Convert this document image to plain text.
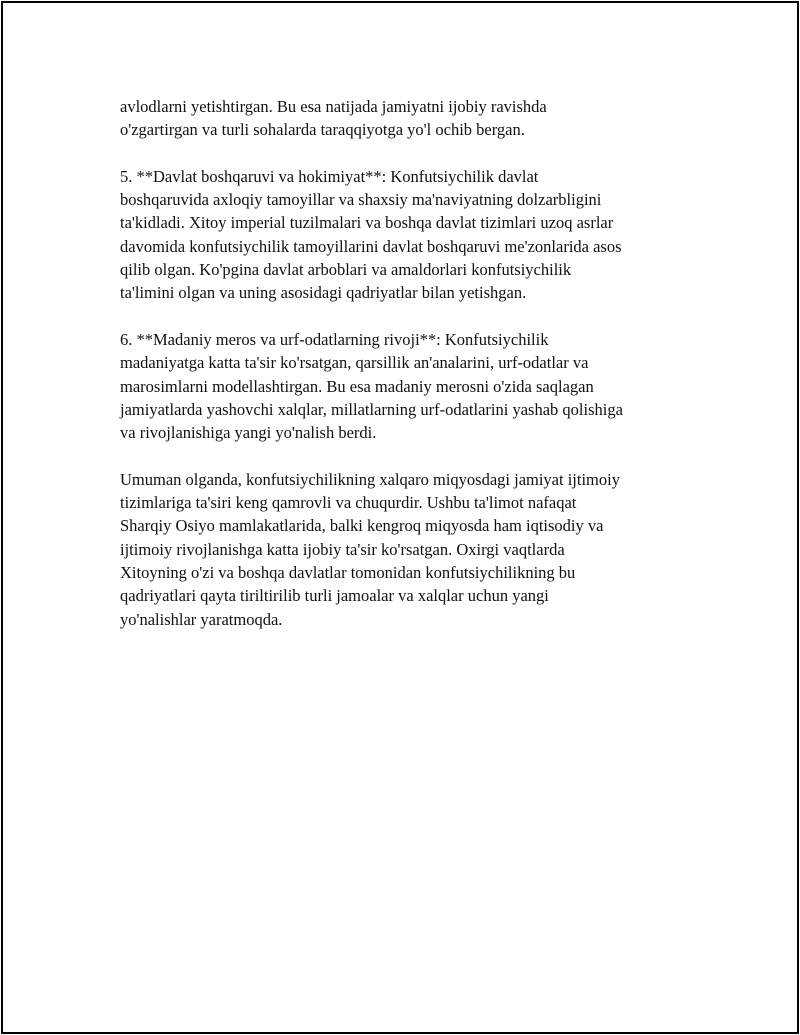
avlodlarni yetishtirgan. Bu esa natijada jamiyatni ijobiy ravishda
o'zgartirgan va turli sohalarda taraqqiyotga yo'l ochib bergan.

5. **Davlat boshqaruvi va hokimiyat**: Konfutsiychilik davlat
boshqaruvida axloqiy tamoyillar va shaxsiy ma'naviyatning dolzarbligini
ta'kidladi. Xitoy imperial tuzilmalari va boshqa davlat tizimlari uzoq asrlar
davomida konfutsiychilik tamoyillarini davlat boshqaruvi me'zonlarida asos
qilib olgan. Ko'pgina davlat arboblari va amaldorlari konfutsiychilik
ta'limini olgan va uning asosidagi qadriyatlar bilan yetishgan.

6. **Madaniy meros va urf-odatlarning rivoji**: Konfutsiychilik
madaniyatga katta ta'sir ko'rsatgan, qarsillik an'analarini, urf-odatlar va
marosimlarni modellashtirgan. Bu esa madaniy merosni o'zida saqlagan
jamiyatlarda yashovchi xalqlar, millatlarning urf-odatlarini yashab qolishiga
va rivojlanishiga yangi yo'nalish berdi.

Umuman olganda, konfutsiychilikning xalqaro miqyosdagi jamiyat ijtimoiy
tizimlariga ta'siri keng qamrovli va chuqurdir. Ushbu ta'limot nafaqat
Sharqiy Osiyo mamlakatlarida, balki kengroq miqyosda ham iqtisodiy va
ijtimoiy rivojlanishga katta ijobiy ta'sir ko'rsatgan. Oxirgi vaqtlarda
Xitoyning o'zi va boshqa davlatlar tomonidan konfutsiychilikning bu
qadriyatlari qayta tiriltirilib turli jamoalar va xalqlar uchun yangi
yo'nalishlar yaratmoqda.
